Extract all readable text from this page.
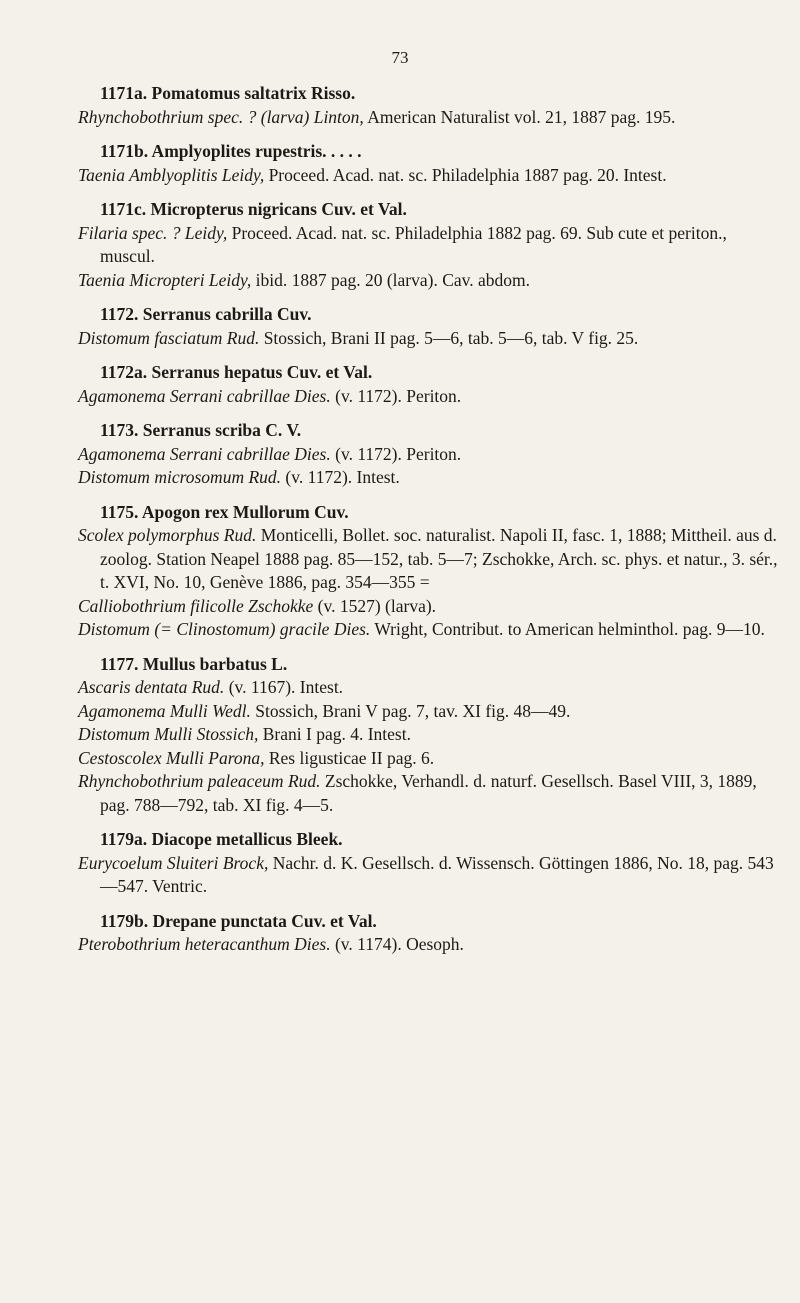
73
1171a. Pomatomus saltatrix Risso.
Rhynchobothrium spec. ? (larva) Linton, American Naturalist vol. 21, 1887 pag. 195.
1171b. Amplyoplites rupestris. . . . .
Taenia Amblyoplitis Leidy, Proceed. Acad. nat. sc. Philadelphia 1887 pag. 20. Intest.
1171c. Micropterus nigricans Cuv. et Val.
Filaria spec. ? Leidy, Proceed. Acad. nat. sc. Philadelphia 1882 pag. 69. Sub cute et periton., muscul.
Taenia Micropteri Leidy, ibid. 1887 pag. 20 (larva). Cav. abdom.
1172. Serranus cabrilla Cuv.
Distomum fasciatum Rud. Stossich, Brani II pag. 5—6, tab. 5—6, tab. V fig. 25.
1172a. Serranus hepatus Cuv. et Val.
Agamonema Serrani cabrillae Dies. (v. 1172). Periton.
1173. Serranus scriba C. V.
Agamonema Serrani cabrillae Dies. (v. 1172). Periton.
Distomum microsomum Rud. (v. 1172). Intest.
1175. Apogon rex Mullorum Cuv.
Scolex polymorphus Rud. Monticelli, Bollet. soc. naturalist. Napoli II, fasc. 1, 1888; Mittheil. aus d. zoolog. Station Neapel 1888 pag. 85—152, tab. 5—7; Zschokke, Arch. sc. phys. et natur., 3. sér., t. XVI, No. 10, Genève 1886, pag. 354—355 =
Calliobothrium filicolle Zschokke (v. 1527) (larva).
Distomum (= Clinostomum) gracile Dies. Wright, Contribut. to American helminthol. pag. 9—10.
1177. Mullus barbatus L.
Ascaris dentata Rud. (v. 1167). Intest.
Agamonema Mulli Wedl. Stossich, Brani V pag. 7, tav. XI fig. 48—49.
Distomum Mulli Stossich, Brani I pag. 4. Intest.
Cestoscolex Mulli Parona, Res ligusticae II pag. 6.
Rhynchobothrium paleaceum Rud. Zschokke, Verhandl. d. naturf. Gesellsch. Basel VIII, 3, 1889, pag. 788—792, tab. XI fig. 4—5.
1179a. Diacope metallicus Bleek.
Eurycoelum Sluiteri Brock, Nachr. d. K. Gesellsch. d. Wissensch. Göttingen 1886, No. 18, pag. 543—547. Ventric.
1179b. Drepane punctata Cuv. et Val.
Pterobothrium heteracanthum Dies. (v. 1174). Oesoph.
